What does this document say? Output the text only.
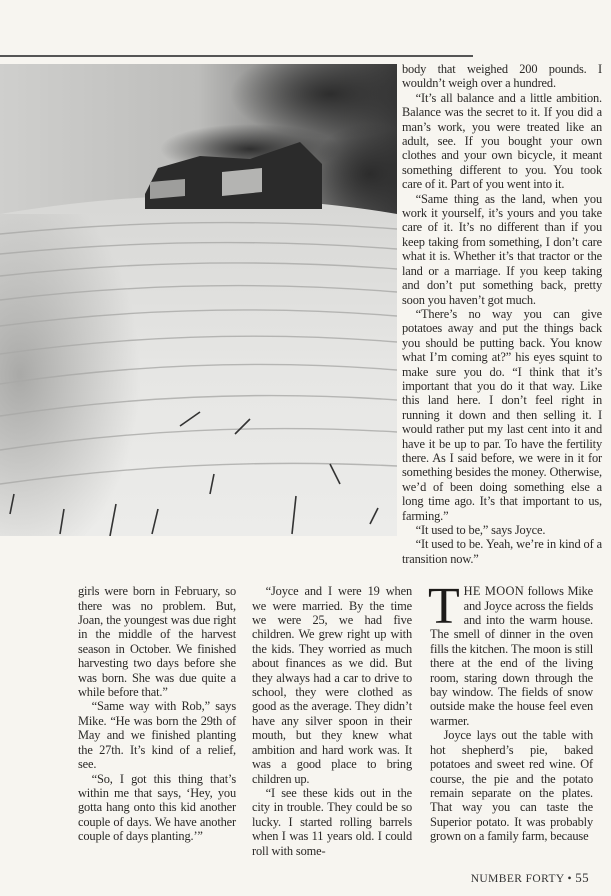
body that weighed 200 pounds. I wouldn’t weigh over a hundred.

“It’s all balance and a little ambition. Balance was the secret to it. If you did a man’s work, you were treated like an adult, see. If you bought your own clothes and your own bicycle, it meant something different to you. You took care of it. Part of you went into it.

“Same thing as the land, when you work it yourself, it’s yours and you take care of it. It’s no different than if you keep taking from something, I don’t care what it is. Whether it’s that tractor or the land or a marriage. If you keep taking and don’t put something back, pretty soon you haven’t got much.

“There’s no way you can give potatoes away and put the things back you should be putting back. You know what I’m coming at?” his eyes squint to make sure you do. “I think that it’s important that you do it that way. Like this land here. I don’t feel right in running it down and then selling it. I would rather put my last cent into it and have it be up to par. To have the fertility there. As I said before, we were in it for something besides the money. Otherwise, we’d of been doing something else a long time ago. It’s that important to us, farming.”

“It used to be,” says Joyce.

“It used to be. Yeah, we’re in kind of a transition now.”

girls were born in February, so there was no problem. But, Joan, the youngest was due right in the middle of the harvest season in October. We finished harvesting two days before she was born. She was due quite a while before that.”

“Same way with Rob,” says Mike. “He was born the 29th of May and we finished planting the 27th. It’s kind of a relief, see.

“So, I got this thing that’s within me that says, ‘Hey, you gotta hang onto this kid another couple of days. We have another couple of days planting.’”

“Joyce and I were 19 when we were married. By the time we were 25, we had five children. We grew right up with the kids. They worried as much about finances as we did. But they always had a car to drive to school, they were clothed as good as the average. They didn’t have any silver spoon in their mouth, but they knew what ambition and hard work was. It was a good place to bring children up.

“I see these kids out in the city in trouble. They could be so lucky. I started rolling barrels when I was 11 years old. I could roll with some-

THE MOON follows Mike and Joyce across the fields and into the warm house. The smell of dinner in the oven fills the kitchen. The moon is still there at the end of the living room, staring down through the bay window. The fields of snow outside make the house feel even warmer.

Joyce lays out the table with hot shepherd’s pie, baked potatoes and sweet red wine. Of course, the pie and the potato remain separate on the plates. That way you can taste the Superior potato. It was probably grown on a family farm, because

NUMBER FORTY • 55
